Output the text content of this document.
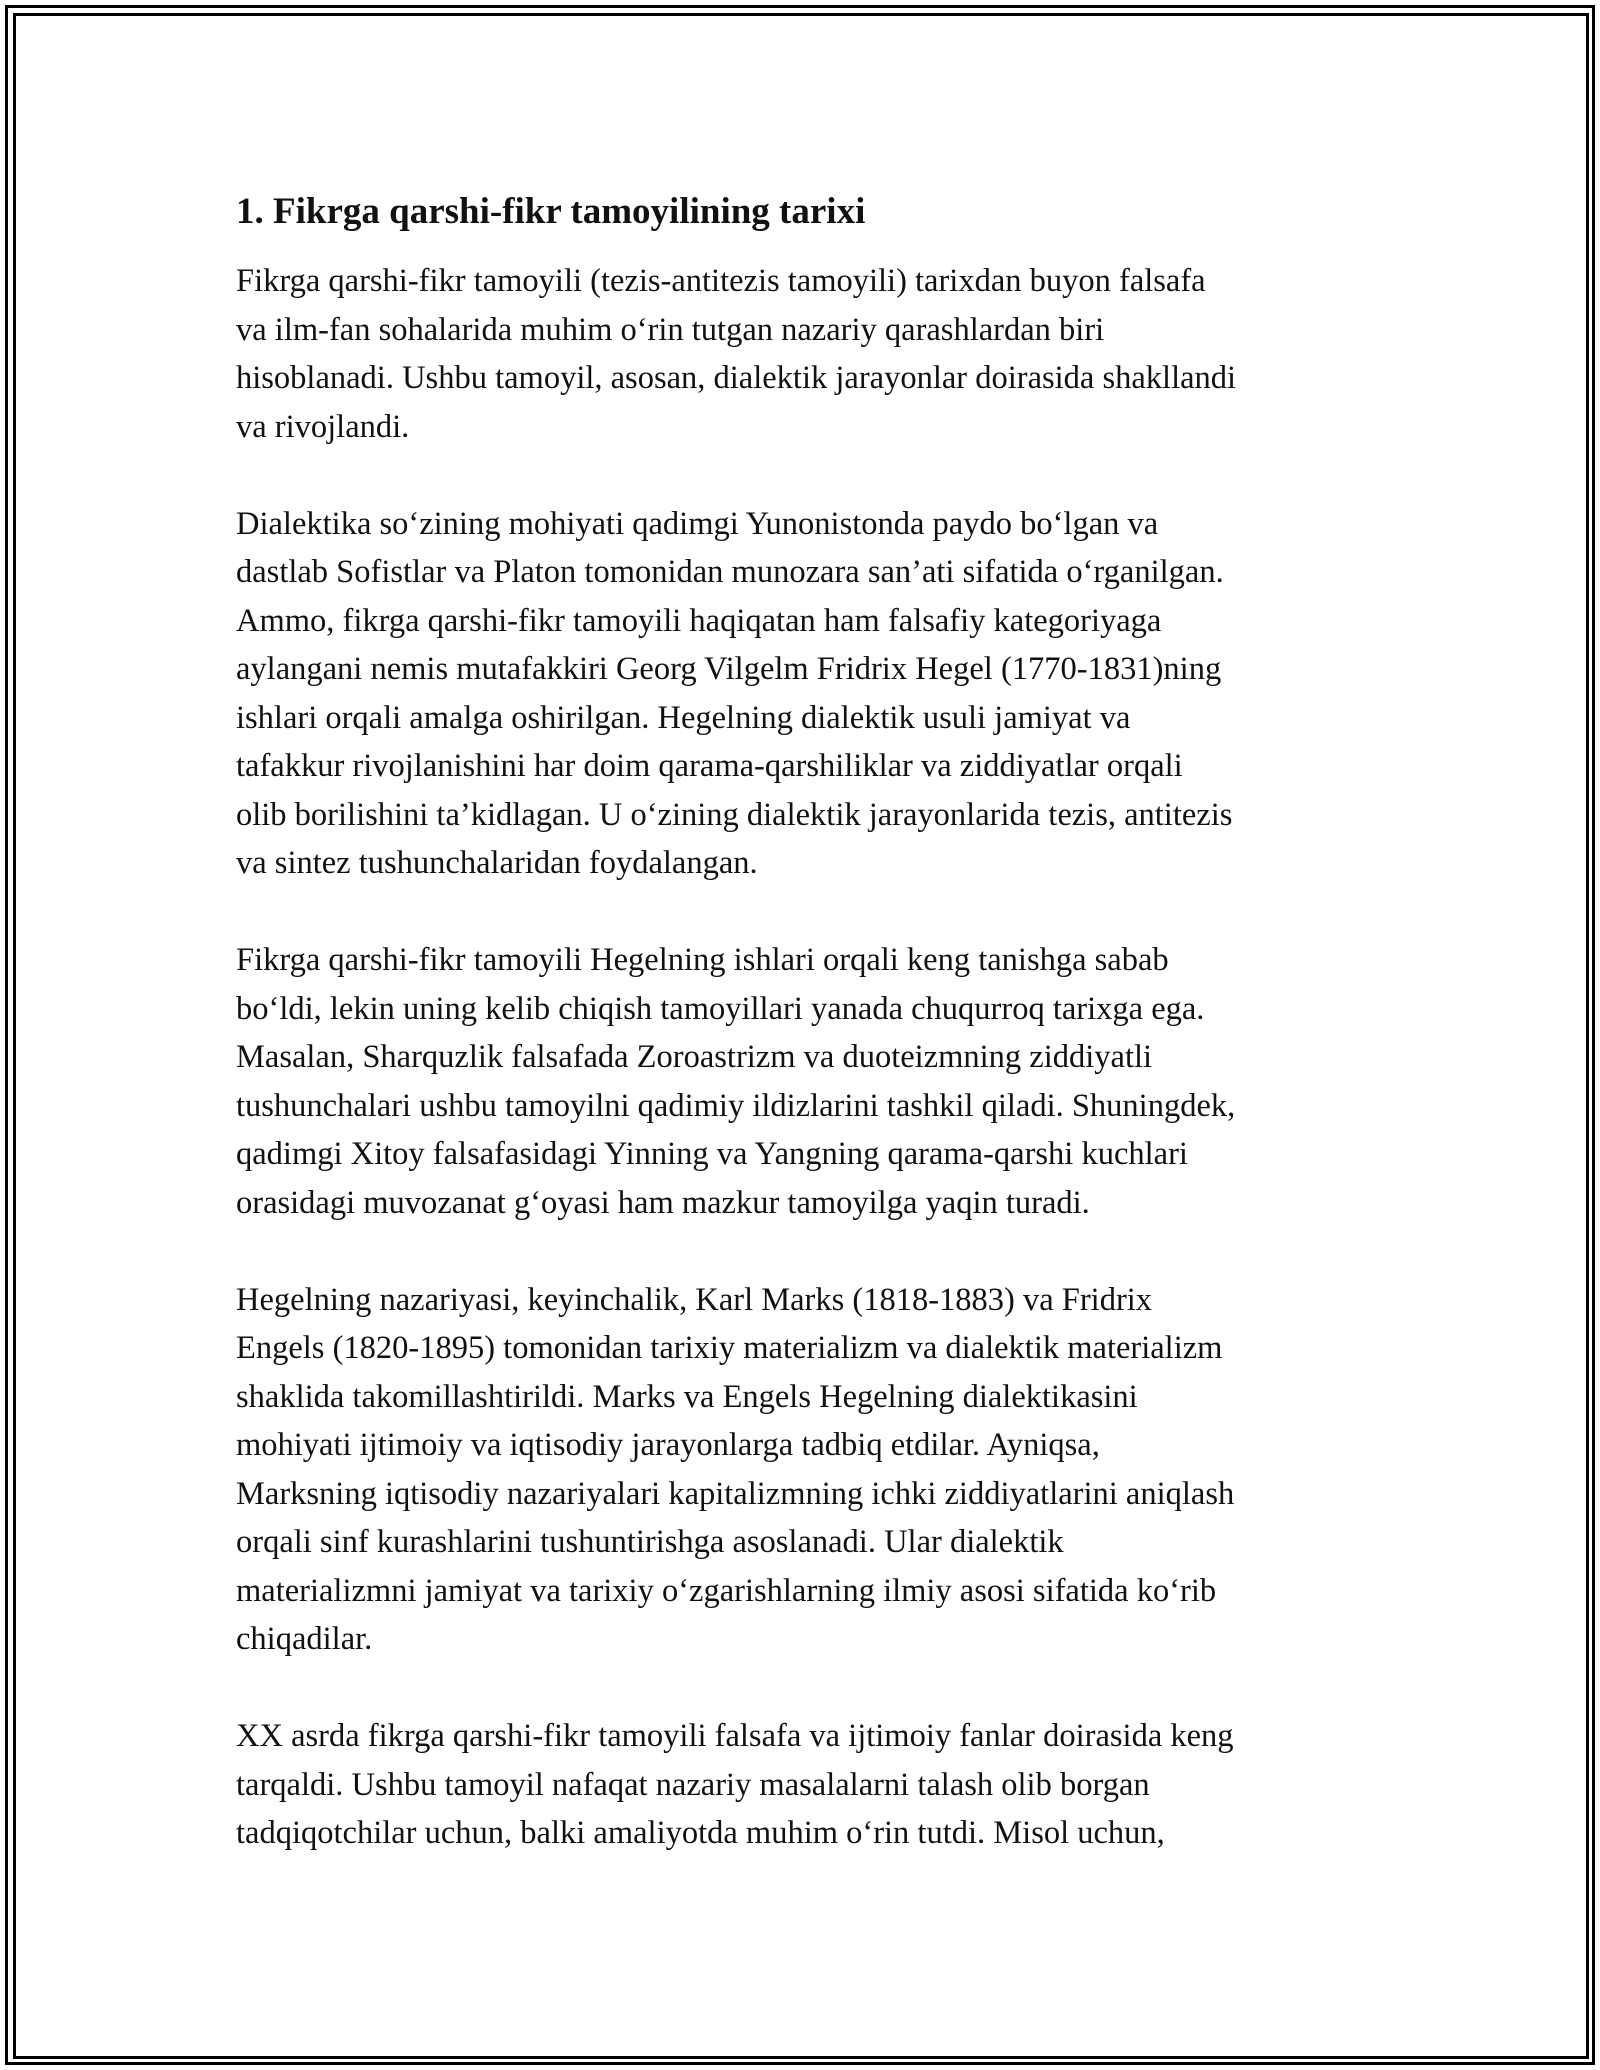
1. Fikrga qarshi-fikr tamoyilining tarixi

Fikrga qarshi-fikr tamoyili (tezis-antitezis tamoyili) tarixdan buyon falsafa
va ilm-fan sohalarida muhim o‘rin tutgan nazariy qarashlardan biri
hisoblanadi. Ushbu tamoyil, asosan, dialektik jarayonlar doirasida shakllandi
va rivojlandi.

Dialektika so‘zining mohiyati qadimgi Yunonistonda paydo bo‘lgan va
dastlab Sofistlar va Platon tomonidan munozara san’ati sifatida o‘rganilgan.
Ammo, fikrga qarshi-fikr tamoyili haqiqatan ham falsafiy kategoriyaga
aylangani nemis mutafakkiri Georg Vilgelm Fridrix Hegel (1770-1831)ning
ishlari orqali amalga oshirilgan. Hegelning dialektik usuli jamiyat va
tafakkur rivojlanishini har doim qarama-qarshiliklar va ziddiyatlar orqali
olib borilishini ta’kidlagan. U o‘zining dialektik jarayonlarida tezis, antitezis
va sintez tushunchalaridan foydalangan.

Fikrga qarshi-fikr tamoyili Hegelning ishlari orqali keng tanishga sabab
bo‘ldi, lekin uning kelib chiqish tamoyillari yanada chuqurroq tarixga ega.
Masalan, Sharquzlik falsafada Zoroastrizm va duoteizmning ziddiyatli
tushunchalari ushbu tamoyilni qadimiy ildizlarini tashkil qiladi. Shuningdek,
qadimgi Xitoy falsafasidagi Yinning va Yangning qarama-qarshi kuchlari
orasidagi muvozanat g‘oyasi ham mazkur tamoyilga yaqin turadi.

Hegelning nazariyasi, keyinchalik, Karl Marks (1818-1883) va Fridrix
Engels (1820-1895) tomonidan tarixiy materializm va dialektik materializm
shaklida takomillashtirildi. Marks va Engels Hegelning dialektikasini
mohiyati ijtimoiy va iqtisodiy jarayonlarga tadbiq etdilar. Ayniqsa,
Marksning iqtisodiy nazariyalari kapitalizmning ichki ziddiyatlarini aniqlash
orqali sinf kurashlarini tushuntirishga asoslanadi. Ular dialektik
materializmni jamiyat va tarixiy o‘zgarishlarning ilmiy asosi sifatida ko‘rib
chiqadilar.

XX asrda fikrga qarshi-fikr tamoyili falsafa va ijtimoiy fanlar doirasida keng
tarqaldi. Ushbu tamoyil nafaqat nazariy masalalarni talash olib borgan
tadqiqotchilar uchun, balki amaliyotda muhim o‘rin tutdi. Misol uchun,
